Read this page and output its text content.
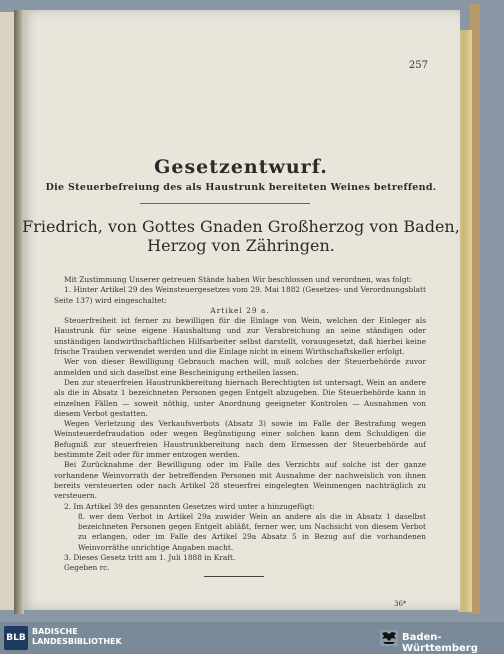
257
Gesetzentwurf.
Die Steuerbefreiung des als Haustrunk bereiteten Weines betreffend.
Friedrich, von Gottes Gnaden Großherzog von Baden,
Herzog von Zähringen.

Mit Zustimmung Unserer getreuen Stände haben Wir beschlossen und verordnen, was folgt:

1. Hinter Artikel 29 des Weinsteuergesetzes vom 29. Mai 1882 (Gesetzes- und Verordnungsblatt Seite 137) wird eingeschaltet:

Artikel 29 a.

Steuerfreiheit ist ferner zu bewilligen für die Einlage von Wein, welchen der Einleger als Haustrunk für seine eigene Haushaltung und zur Verabreichung an seine ständigen oder unständigen landwirthschaftlichen Hilfsarbeiter selbst darstellt, vorausgesetzt, daß hierbei keine frische Trauben verwendet werden und die Einlage nicht in einem Wirthschaftskeller erfolgt.

Wer von dieser Bewilligung Gebrauch machen will, muß solches der Steuerbehörde zuvor anmelden und sich daselbst eine Bescheinigung ertheilen lassen.

Den zur steuerfreien Haustrunkbereitung hiernach Berechtigten ist untersagt, Wein an andere als die in Absatz 1 bezeichneten Personen gegen Entgelt abzugeben. Die Steuerbehörde kann in einzelnen Fällen — soweit nöthig, unter Anordnung geeigneter Kontrolen — Ausnahmen von diesem Verbot gestatten.

Wegen Verletzung des Verkaufsverbots (Absatz 3) sowie im Falle der Bestrafung wegen Weinsteuerdefraudation oder wegen Begünstigung einer solchen kann dem Schuldigen die Befugniß zur steuerfreien Haustrunkbereitung nach dem Ermessen der Steuerbehörde auf bestimmte Zeit oder für immer entzogen werden.

Bei Zurücknahme der Bewilligung oder im Falle des Verzichts auf solche ist der ganze vorhandene Weinvorrath der betreffenden Personen mit Ausnahme der nachweislich von ihnen bereits versteuerten oder nach Artikel 28 steuerfrei eingelegten Weinmengen nachträglich zu versteuern.

2. Im Artikel 39 des genannten Gesetzes wird unter a hinzugefügt:

8. wer dem Verbot in Artikel 29a zuwider Wein an andere als die in Absatz 1 daselbst bezeichneten Personen gegen Entgelt abläßt, ferner wer, um Nachsicht von diesem Verbot zu erlangen, oder im Falle des Artikel 29a Absatz 5 in Bezug auf die vorhandenen Weinvorräthe unrichtige Angaben macht.

3. Dieses Gesetz tritt am 1. Juli 1888 in Kraft.

Gegeben rc.

36*
BLB
BADISCHE
LANDESBIBLIOTHEK	Baden-Württemberg
